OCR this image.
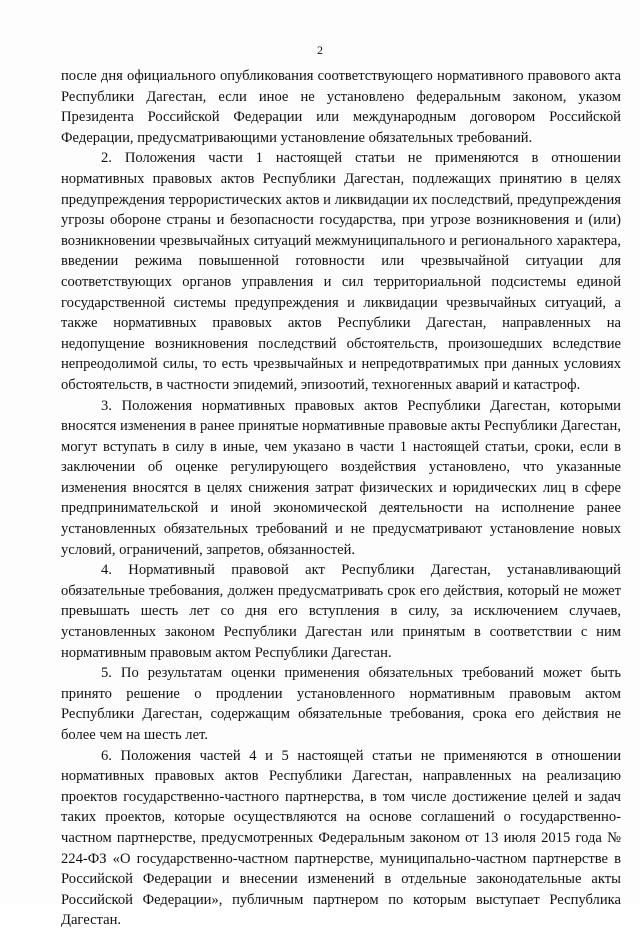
2

после дня официального опубликования соответствующего нормативного правового акта Республики Дагестан, если иное не установлено федеральным законом, указом Президента Российской Федерации или международным договором Российской Федерации, предусматривающими установление обязательных требований.

2. Положения части 1 настоящей статьи не применяются в отношении нормативных правовых актов Республики Дагестан, подлежащих принятию в целях предупреждения террористических актов и ликвидации их последствий, предупреждения угрозы обороне страны и безопасности государства, при угрозе возникновения и (или) возникновении чрезвычайных ситуаций межмуниципального и регионального характера, введении режима повышенной готовности или чрезвычайной ситуации для соответствующих органов управления и сил территориальной подсистемы единой государственной системы предупреждения и ликвидации чрезвычайных ситуаций, а также нормативных правовых актов Республики Дагестан, направленных на недопущение возникновения последствий обстоятельств, произошедших вследствие непреодолимой силы, то есть чрезвычайных и непредотвратимых при данных условиях обстоятельств, в частности эпидемий, эпизоотий, техногенных аварий и катастроф.

3. Положения нормативных правовых актов Республики Дагестан, которыми вносятся изменения в ранее принятые нормативные правовые акты Республики Дагестан, могут вступать в силу в иные, чем указано в части 1 настоящей статьи, сроки, если в заключении об оценке регулирующего воздействия установлено, что указанные изменения вносятся в целях снижения затрат физических и юридических лиц в сфере предпринимательской и иной экономической деятельности на исполнение ранее установленных обязательных требований и не предусматривают установление новых условий, ограничений, запретов, обязанностей.

4. Нормативный правовой акт Республики Дагестан, устанавливающий обязательные требования, должен предусматривать срок его действия, который не может превышать шесть лет со дня его вступления в силу, за исключением случаев, установленных законом Республики Дагестан или принятым в соответствии с ним нормативным правовым актом Республики Дагестан.

5. По результатам оценки применения обязательных требований может быть принято решение о продлении установленного нормативным правовым актом Республики Дагестан, содержащим обязательные требования, срока его действия не более чем на шесть лет.

6. Положения частей 4 и 5 настоящей статьи не применяются в отношении нормативных правовых актов Республики Дагестан, направленных на реализацию проектов государственно-частного партнерства, в том числе достижение целей и задач таких проектов, которые осуществляются на основе соглашений о государственно-частном партнерстве, предусмотренных Федеральным законом от 13 июля 2015 года № 224-ФЗ «О государственно-частном партнерстве, муниципально-частном партнерстве в Российской Федерации и внесении изменений в отдельные законодательные акты Российской Федерации», публичным партнером по которым выступает Республика Дагестан.
